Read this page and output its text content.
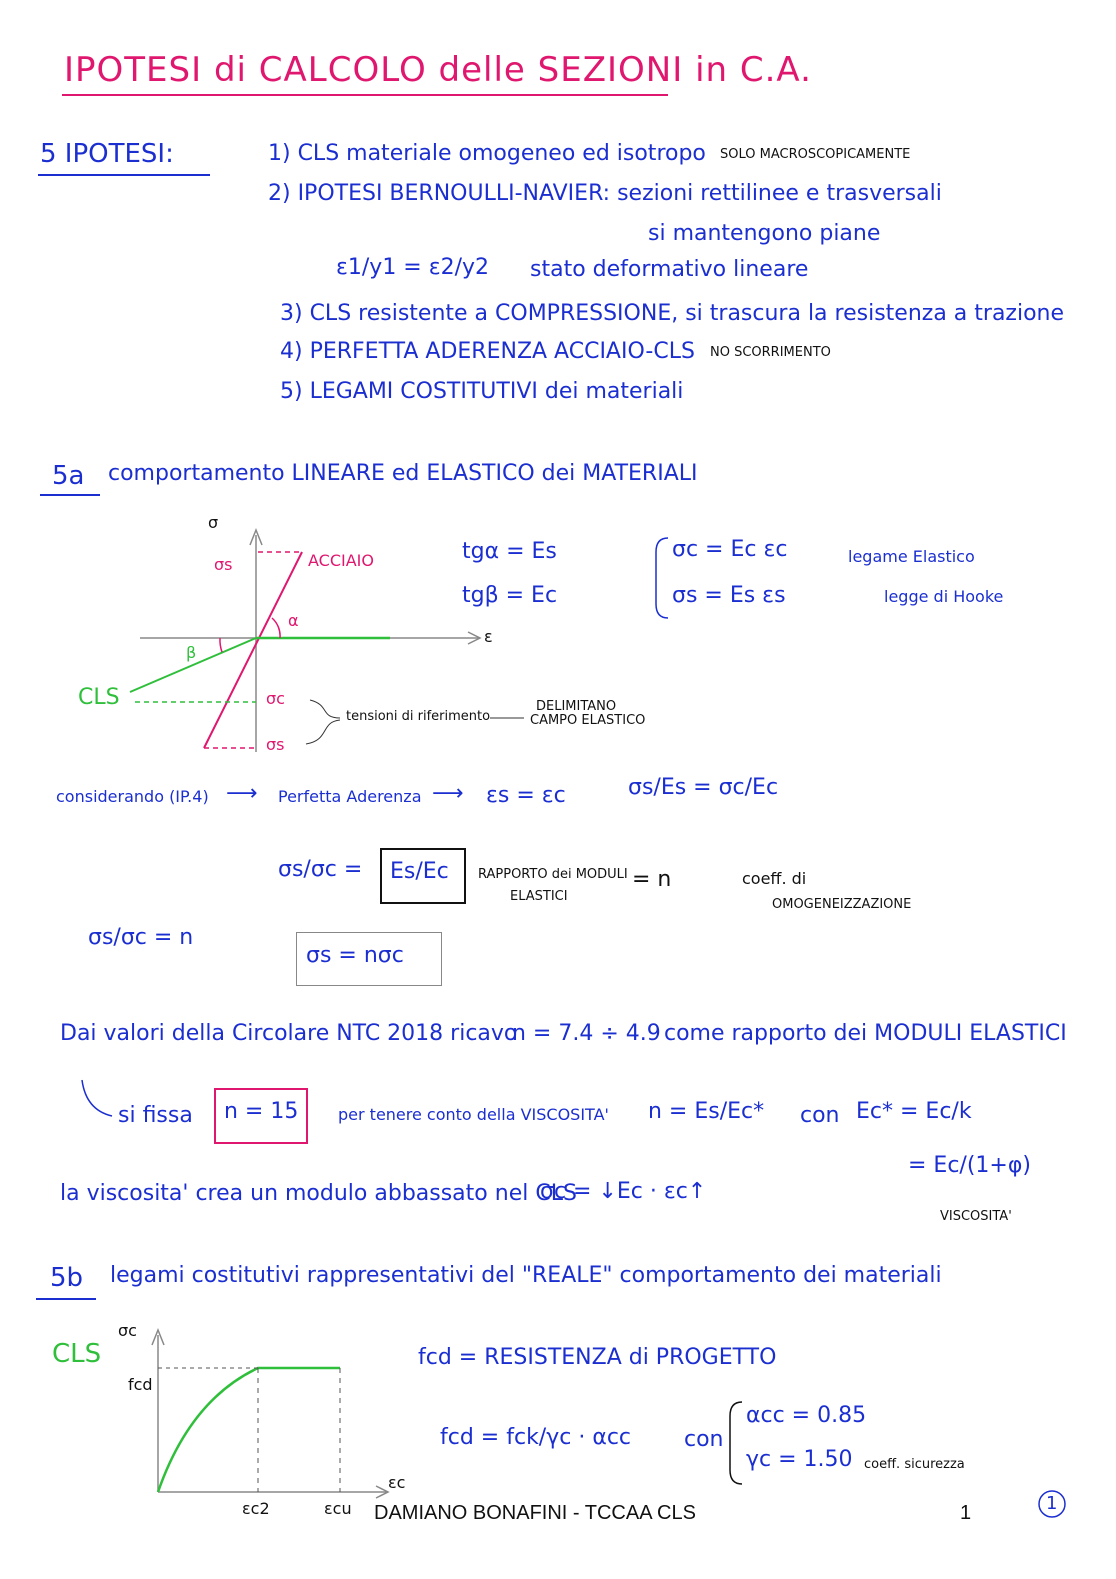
IPOTESI di CALCOLO delle SEZIONI in C.A.
5 IPOTESI:	1) CLS materiale omogeneo ed isotropo SOLO MACROSCOPICAMENTE
2) IPOTESI BERNOULLI-NAVIER: sezioni rettilinee e trasversali
si mantengono piane
ε1/y1 = ε2/y2 stato deformativo lineare
3) CLS resistente a COMPRESSIONE, si trascura la resistenza a trazione
4) PERFETTA ADERENZA ACCIAIO-CLS NO SCORRIMENTO
5) LEGAMI COSTITUTIVI dei materiali
5a comportamento LINEARE ed ELASTICO dei MATERIALI
σ
ε
σs	ACCIAIO
α
β
CLS	σc
σs
tensioni di riferimento
DELIMITANO
CAMPO ELASTICO
tgα = Es
tgβ = Ec
σc = Ec εc
σs = Es εs
legame Elastico
legge di Hooke
considerando (IP.4) ⟶ Perfetta Aderenza ⟶ εs = εc	σs/Es = σc/Ec
σs/σc = Es/Ec RAPPORTO dei MODULI
ELASTICI
= n	coeff. di
OMOGENEIZZAZIONE
σs/σc = n
σs = nσc
Dai valori della Circolare NTC 2018 ricavo
n = 7.4 ÷ 4.9 come rapporto dei MODULI ELASTICI
si fissa n = 15 per tenere conto della VISCOSITA' n = Es/Ec* con Ec* = Ec/k
= Ec/(1+φ)
VISCOSITA'
la viscosita' crea un modulo abbassato nel CLS
σc = ↓Ec · εc↑
5b legami costitutivi rappresentativi del "REALE" comportamento dei materiali
CLS
σc
fcd
εc2	εcu
εc
fcd = RESISTENZA di PROGETTO
fcd = fck/γc · αcc con
αcc = 0.85
γc = 1.50 coeff. sicurezza
DAMIANO BONAFINI - TCCAA CLS	1	1
